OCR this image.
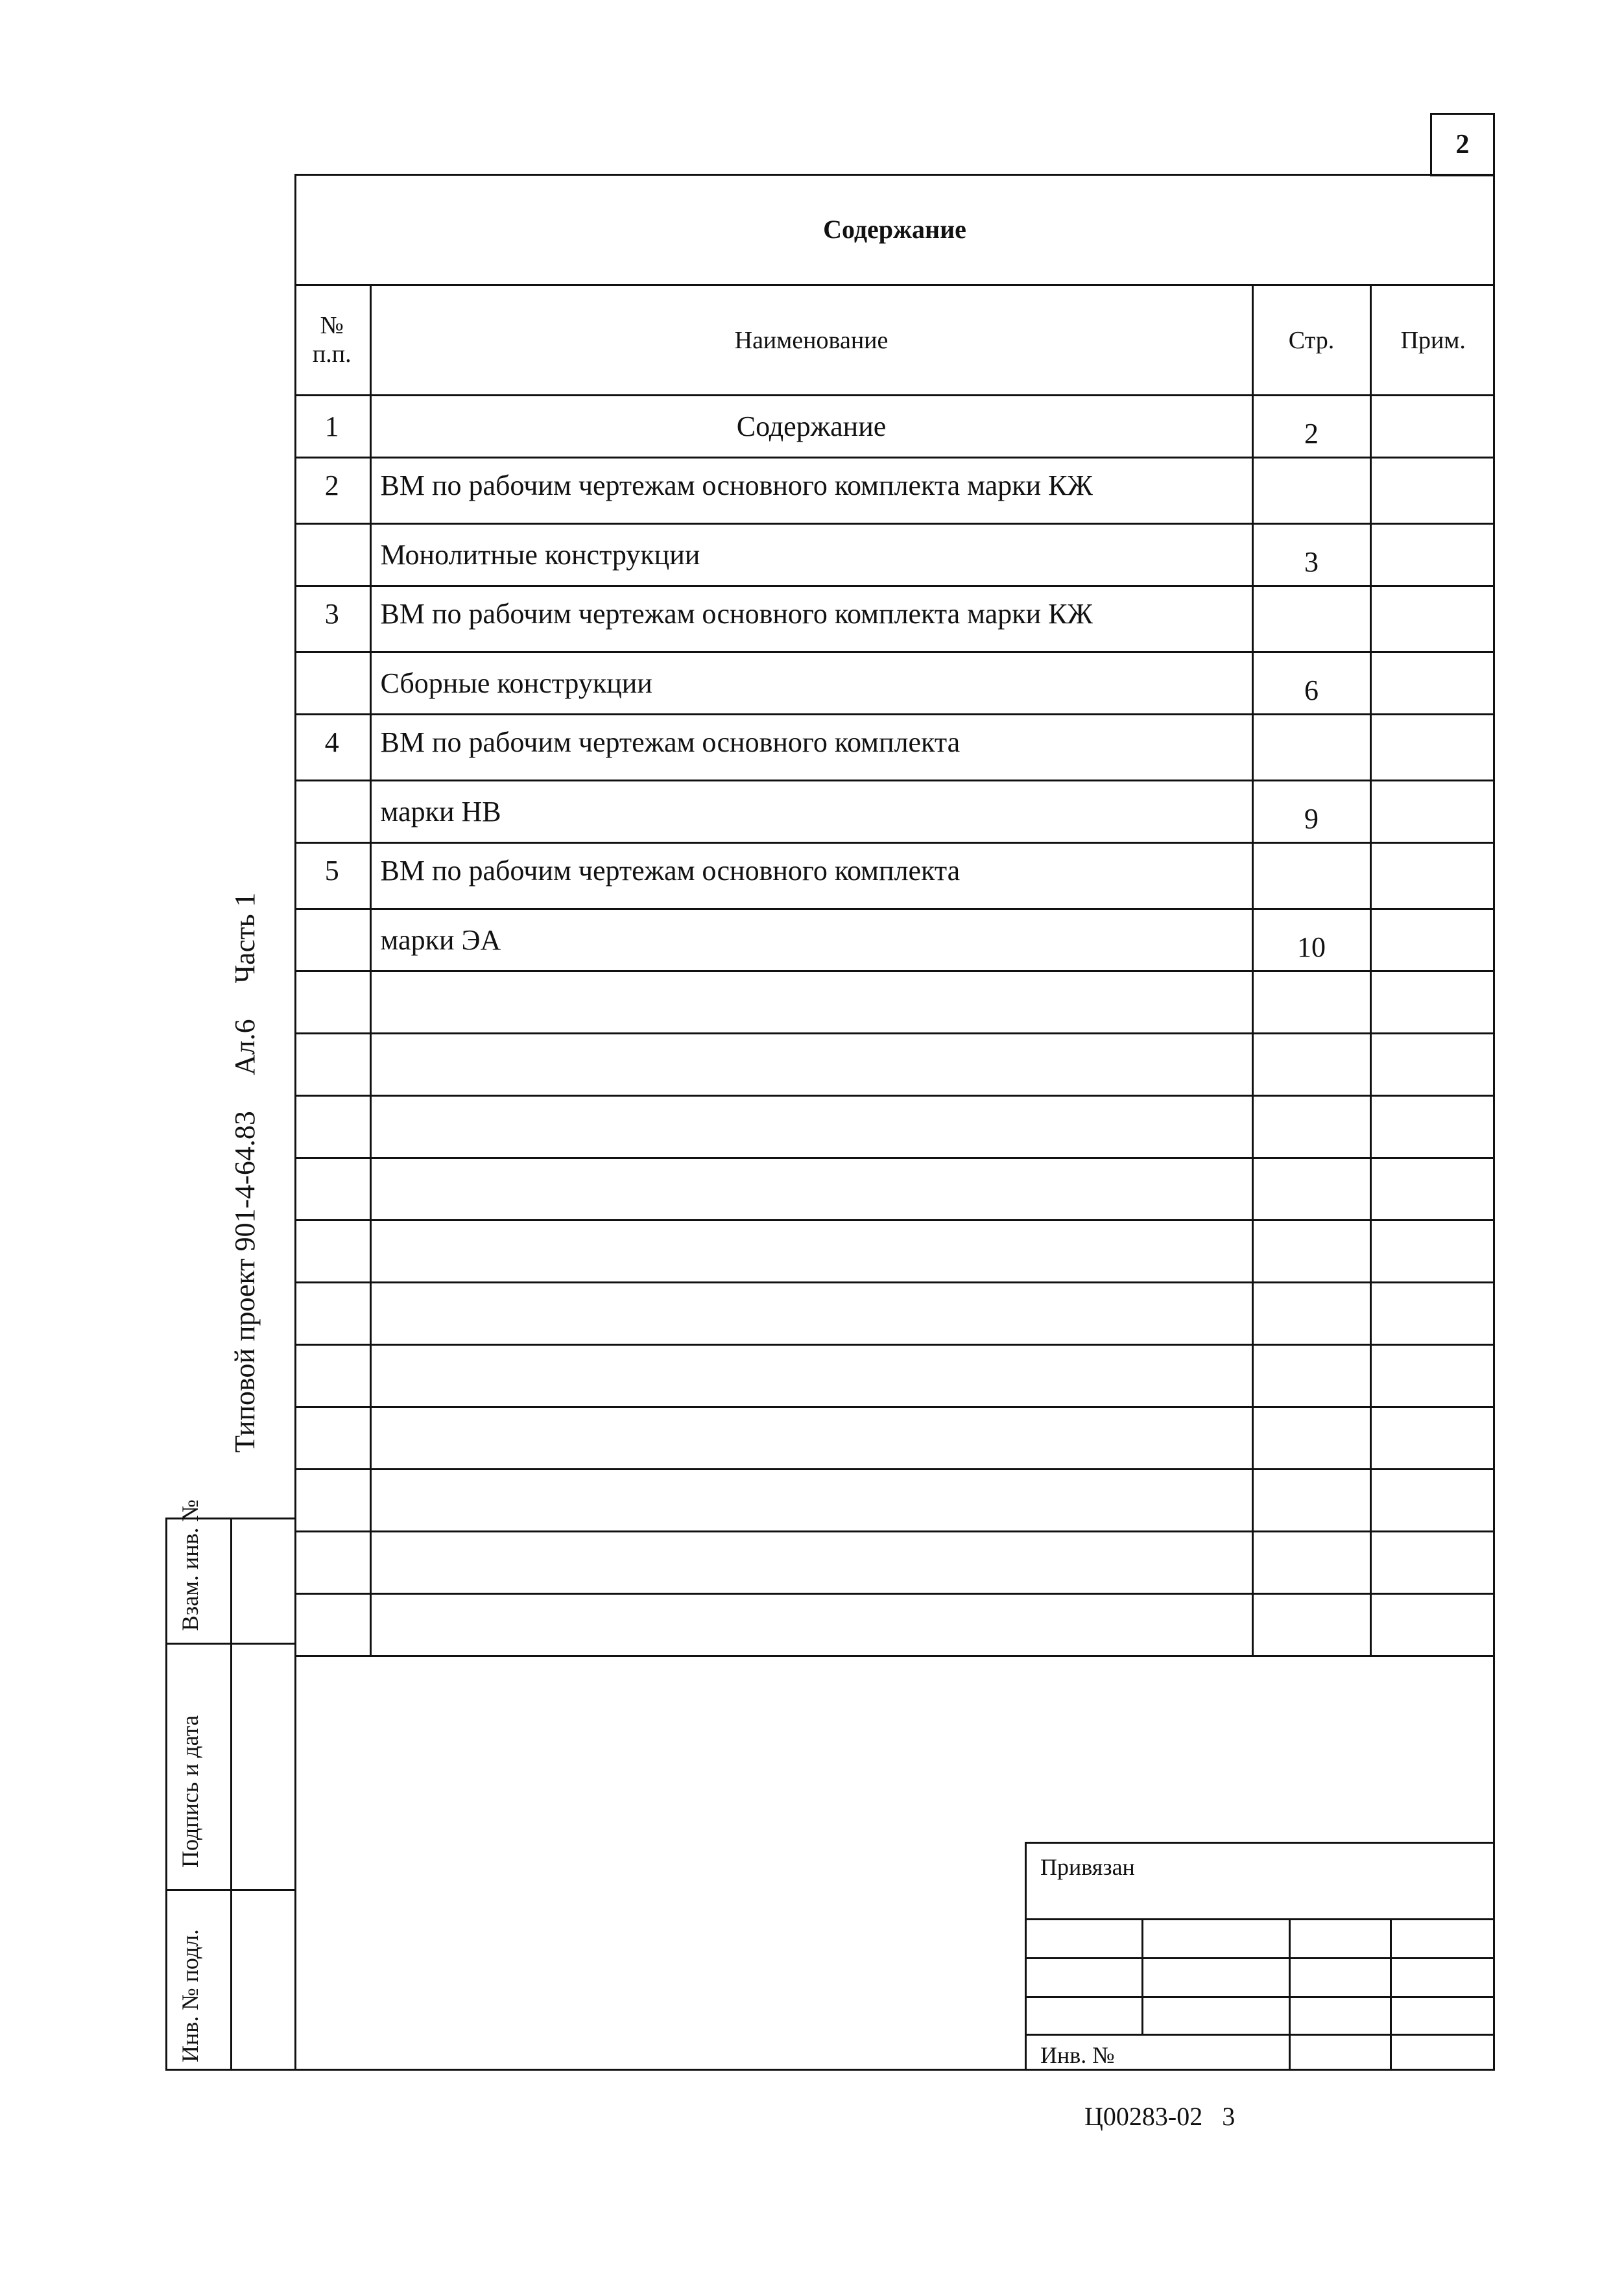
2
Содержание
№
п.п.	Наименование	Стр.	Прим.
1	Содержание	2	
2	ВМ по рабочим чертежам основного комплекта марки КЖ		
	Монолитные конструкции	3	
3	ВМ по рабочим чертежам основного комплекта марки КЖ		
	Сборные конструкции	6	
4	ВМ по рабочим чертежам основного комплекта		
	марки НВ	9	
5	ВМ по рабочим чертежам основного комплекта		
	марки ЭА	10	

Типовой проект 901-4-64.83     Ал.6     Часть 1
Взам. инв. №
Подпись и дата
Инв. № подл.
Привязан
Инв. №
Ц00283-02 3
